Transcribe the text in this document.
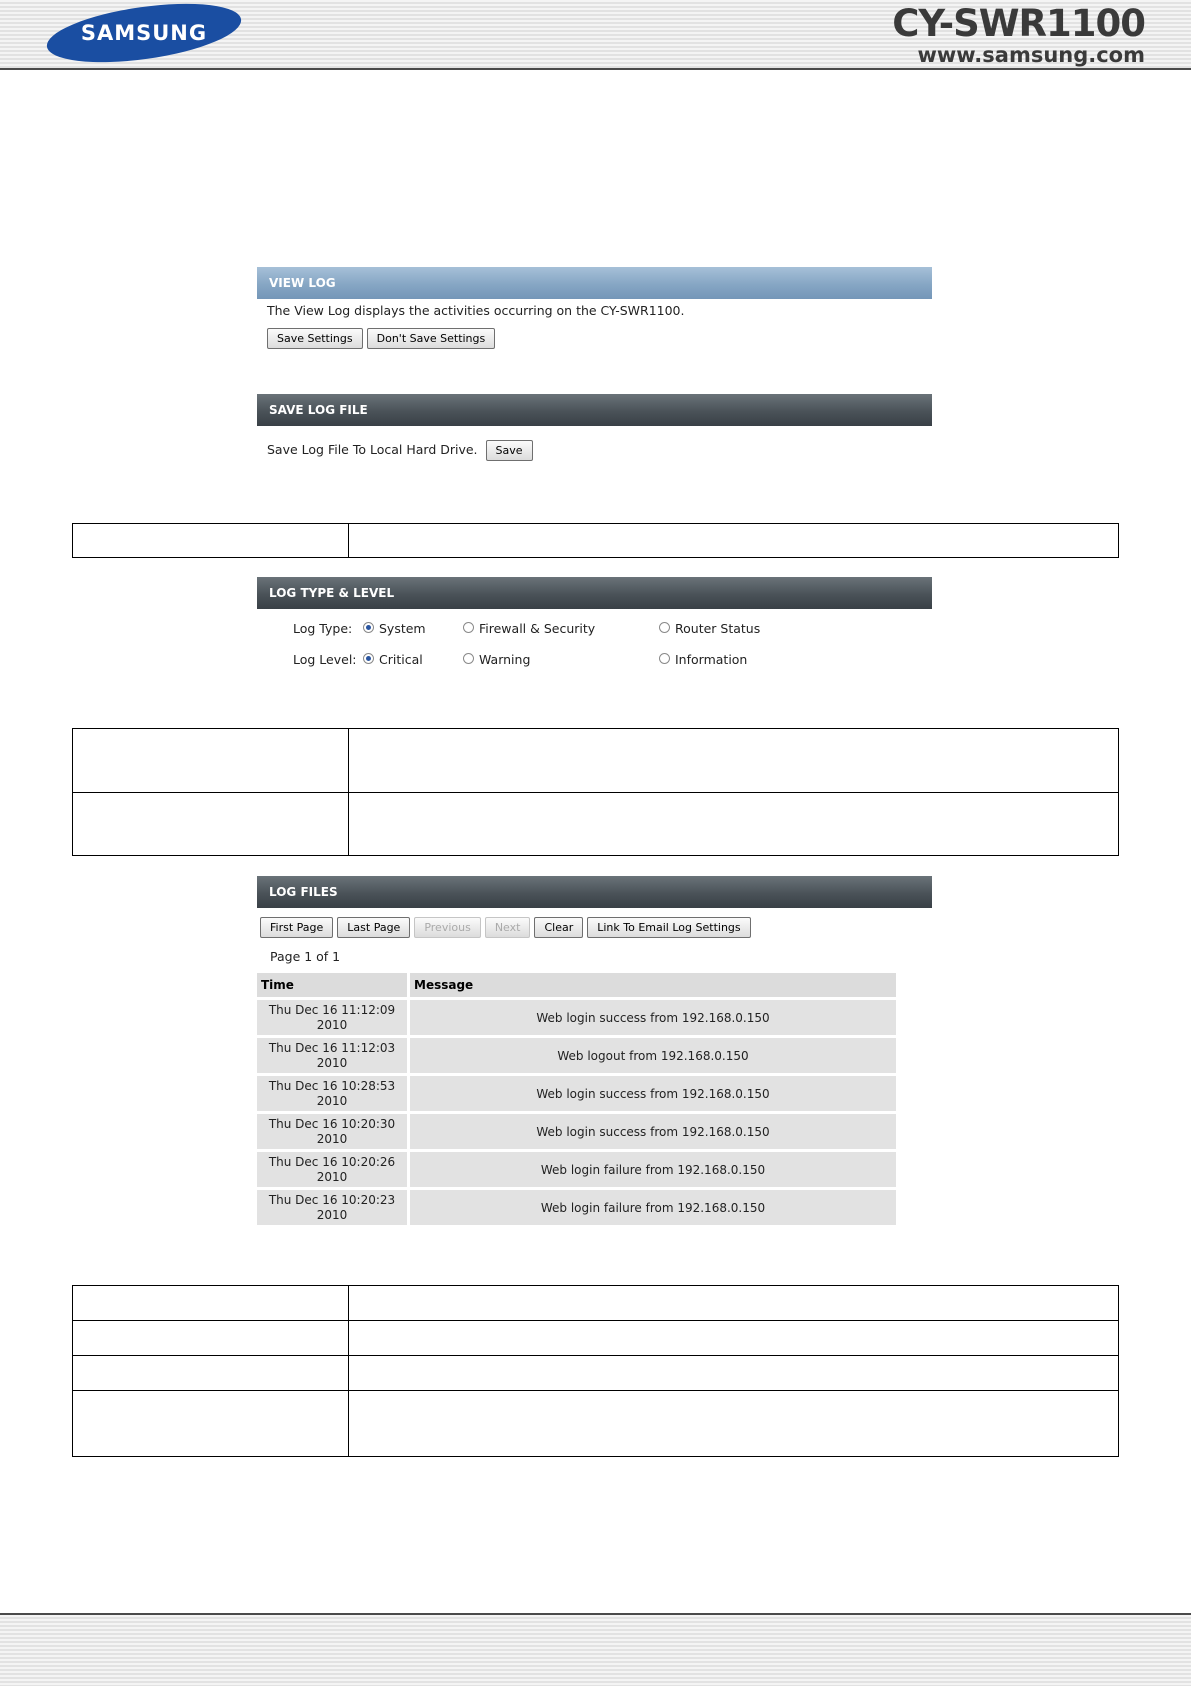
SAMSUNG	CY-SWR1100
www.samsung.com
VIEW LOG
The View Log displays the activities occurring on the CY-SWR1100.
Save Settings Don't Save Settings
SAVE LOG FILE
Save Log File To Local Hard Drive. Save

LOG TYPE & LEVEL
Log Type: System	Firewall & Security	Router Status
Log Level: Critical	Warning	Information

LOG FILES
First Page Last Page Previous Next Clear Link To Email Log Settings
Page 1 of 1
Time	Message

Thu Dec 16 11:12:09
2010	Web login success from 192.168.0.150

Thu Dec 16 11:12:03
2010	Web logout from 192.168.0.150

Thu Dec 16 10:28:53
2010	Web login success from 192.168.0.150

Thu Dec 16 10:20:30
2010	Web login success from 192.168.0.150

Thu Dec 16 10:20:26
2010	Web login failure from 192.168.0.150

Thu Dec 16 10:20:23
2010	Web login failure from 192.168.0.150
